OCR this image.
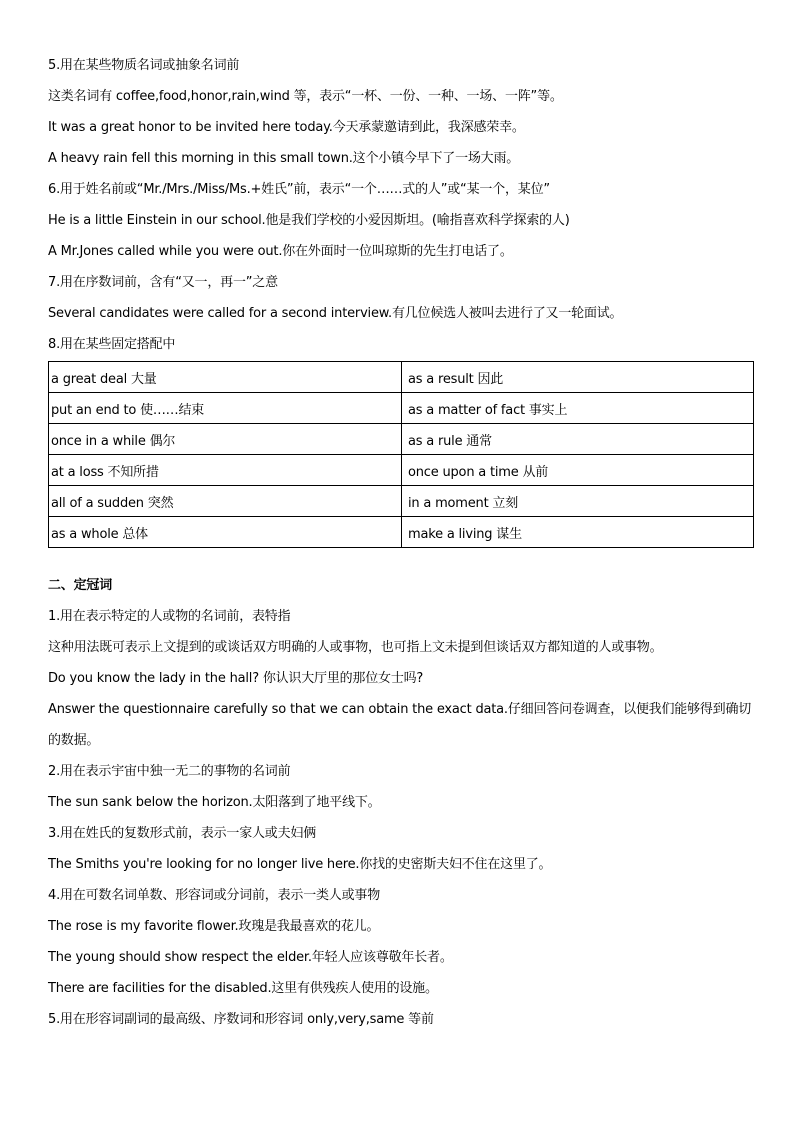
5.用在某些物质名词或抽象名词前
这类名词有 coffee,food,honor,rain,wind 等，表示“一杯、一份、一种、一场、一阵”等。
It was a great honor to be invited here today.今天承蒙邀请到此，我深感荣幸。
A heavy rain fell this morning in this small town.这个小镇今早下了一场大雨。
6.用于姓名前或“Mr./Mrs./Miss/Ms.+姓氏”前，表示“一个……式的人”或“某一个，某位”
He is a little Einstein in our school.他是我们学校的小爱因斯坦。(喻指喜欢科学探索的人)
A Mr.Jones called while you were out.你在外面时一位叫琼斯的先生打电话了。
7.用在序数词前，含有“又一，再一”之意
Several candidates were called for a second interview.有几位候选人被叫去进行了又一轮面试。
8.用在某些固定搭配中
a great deal 大量	as a result 因此
put an end to 使……结束	as a matter of fact 事实上
once in a while 偶尔	as a rule 通常
at a loss 不知所措	once upon a time 从前
all of a sudden 突然	in a moment 立刻
as a whole 总体	make a living 谋生
二、定冠词
1.用在表示特定的人或物的名词前，表特指
这种用法既可表示上文提到的或谈话双方明确的人或事物，也可指上文未提到但谈话双方都知道的人或事物。
Do you know the lady in the hall? 你认识大厅里的那位女士吗?
Answer the questionnaire carefully so that we can obtain the exact data.仔细回答问卷调查，以便我们能够得到确切的数据。
2.用在表示宇宙中独一无二的事物的名词前
The sun sank below the horizon.太阳落到了地平线下。
3.用在姓氏的复数形式前，表示一家人或夫妇俩
The Smiths you're looking for no longer live here.你找的史密斯夫妇不住在这里了。
4.用在可数名词单数、形容词或分词前，表示一类人或事物
The rose is my favorite flower.玫瑰是我最喜欢的花儿。
The young should show respect the elder.年轻人应该尊敬年长者。
There are facilities for the disabled.这里有供残疾人使用的设施。
5.用在形容词副词的最高级、序数词和形容词 only,very,same 等前
